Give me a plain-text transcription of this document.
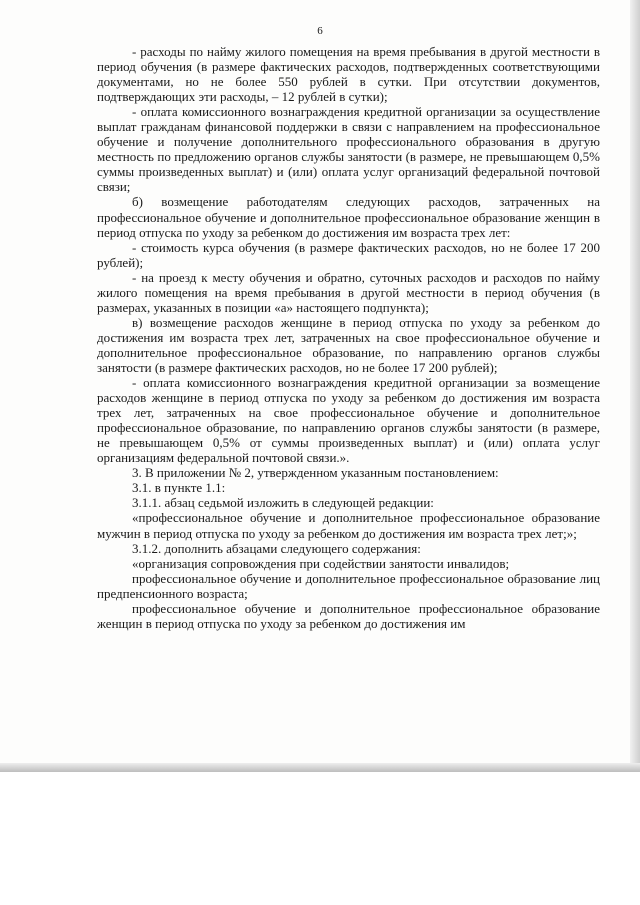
6

- расходы по найму жилого помещения на время пребывания в другой местности в период обучения (в размере фактических расходов, подтвержденных соответствующими документами, но не более 550 рублей в сутки. При отсутствии документов, подтверждающих эти расходы, – 12 рублей в сутки);

- оплата комиссионного вознаграждения кредитной организации за осуществление выплат гражданам финансовой поддержки в связи с направлением на профессиональное обучение и получение дополнительного профессионального образования в другую местность по предложению органов службы занятости (в размере, не превышающем 0,5% суммы произведенных выплат) и (или) оплата услуг организаций федеральной почтовой связи;

б) возмещение работодателям следующих расходов, затраченных на профессиональное обучение и дополнительное профессиональное образование женщин в период отпуска по уходу за ребенком до достижения им возраста трех лет:

- стоимость курса обучения (в размере фактических расходов, но не более 17 200 рублей);

- на проезд к месту обучения и обратно, суточных расходов и расходов по найму жилого помещения на время пребывания в другой местности в период обучения (в размерах, указанных в позиции «а» настоящего подпункта);

в) возмещение расходов женщине в период отпуска по уходу за ребенком до достижения им возраста трех лет, затраченных на свое профессиональное обучение и дополнительное профессиональное образование, по направлению органов службы занятости (в размере фактических расходов, но не более 17 200 рублей);

- оплата комиссионного вознаграждения кредитной организации за возмещение расходов женщине в период отпуска по уходу за ребенком до достижения им возраста трех лет, затраченных на свое профессиональное обучение и дополнительное профессиональное образование, по направлению органов службы занятости (в размере, не превышающем 0,5% от суммы произведенных выплат) и (или) оплата услуг организациям федеральной почтовой связи.».

3. В приложении № 2, утвержденном указанным постановлением:

3.1. в пункте 1.1:

3.1.1. абзац седьмой изложить в следующей редакции:

«профессиональное обучение и дополнительное профессиональное образование мужчин в период отпуска по уходу за ребенком до достижения им возраста трех лет;»;

3.1.2. дополнить абзацами следующего содержания:

«организация сопровождения при содействии занятости инвалидов;

профессиональное обучение и дополнительное профессиональное образование лиц предпенсионного возраста;

профессиональное обучение и дополнительное профессиональное образование женщин в период отпуска по уходу за ребенком до достижения им
